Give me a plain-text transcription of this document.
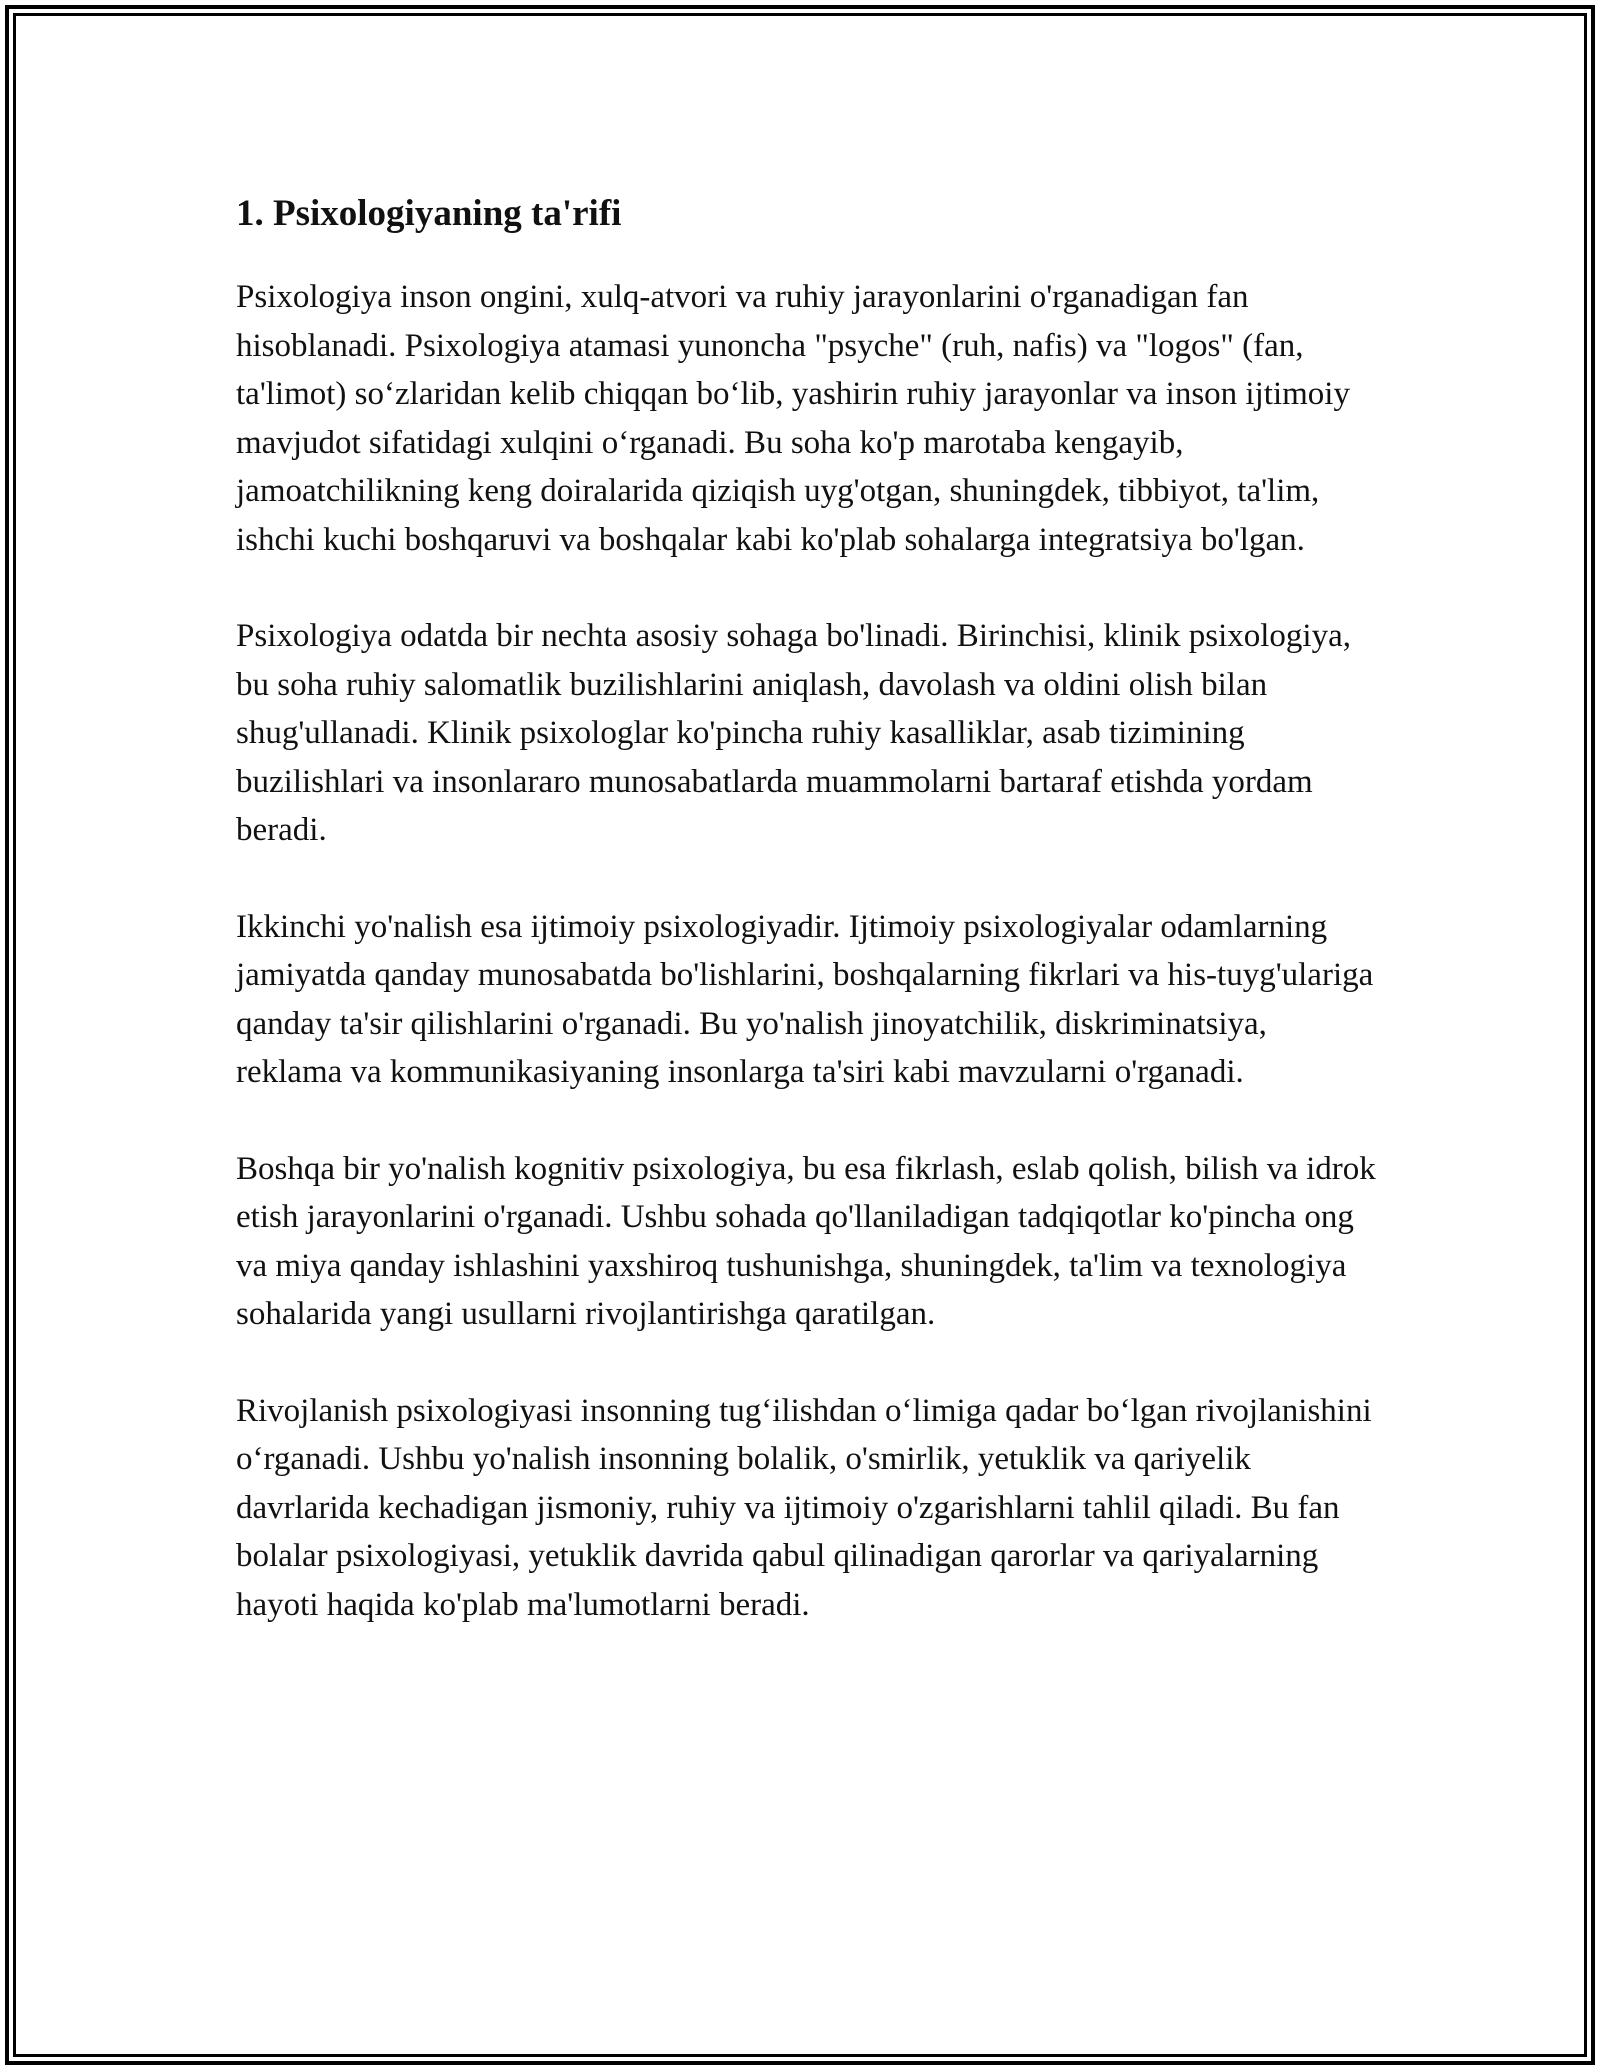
1. Psixologiyaning ta'rifi

Psixologiya inson ongini, xulq-atvori va ruhiy jarayonlarini o'rganadigan fan hisoblanadi. Psixologiya atamasi yunoncha "psyche" (ruh, nafis) va "logos" (fan, ta'limot) so‘zlaridan kelib chiqqan bo‘lib, yashirin ruhiy jarayonlar va inson ijtimoiy mavjudot sifatidagi xulqini o‘rganadi. Bu soha ko'p marotaba kengayib, jamoatchilikning keng doiralarida qiziqish uyg'otgan, shuningdek, tibbiyot, ta'lim, ishchi kuchi boshqaruvi va boshqalar kabi ko'plab sohalarga integratsiya bo'lgan.

Psixologiya odatda bir nechta asosiy sohaga bo'linadi. Birinchisi, klinik psixologiya, bu soha ruhiy salomatlik buzilishlarini aniqlash, davolash va oldini olish bilan shug'ullanadi. Klinik psixologlar ko'pincha ruhiy kasalliklar, asab tizimining buzilishlari va insonlararo munosabatlarda muammolarni bartaraf etishda yordam beradi.

Ikkinchi yo'nalish esa ijtimoiy psixologiyadir. Ijtimoiy psixologiyalar odamlarning jamiyatda qanday munosabatda bo'lishlarini, boshqalarning fikrlari va his-tuyg'ulariga qanday ta'sir qilishlarini o'rganadi. Bu yo'nalish jinoyatchilik, diskriminatsiya, reklama va kommunikasiyaning insonlarga ta'siri kabi mavzularni o'rganadi.

Boshqa bir yo'nalish kognitiv psixologiya, bu esa fikrlash, eslab qolish, bilish va idrok etish jarayonlarini o'rganadi. Ushbu sohada qo'llaniladigan tadqiqotlar ko'pincha ong va miya qanday ishlashini yaxshiroq tushunishga, shuningdek, ta'lim va texnologiya sohalarida yangi usullarni rivojlantirishga qaratilgan.

Rivojlanish psixologiyasi insonning tug‘ilishdan o‘limiga qadar bo‘lgan rivojlanishini o‘rganadi. Ushbu yo'nalish insonning bolalik, o'smirlik, yetuklik va qariyelik davrlarida kechadigan jismoniy, ruhiy va ijtimoiy o'zgarishlarni tahlil qiladi. Bu fan bolalar psixologiyasi, yetuklik davrida qabul qilinadigan qarorlar va qariyalarning hayoti haqida ko'plab ma'lumotlarni beradi.
